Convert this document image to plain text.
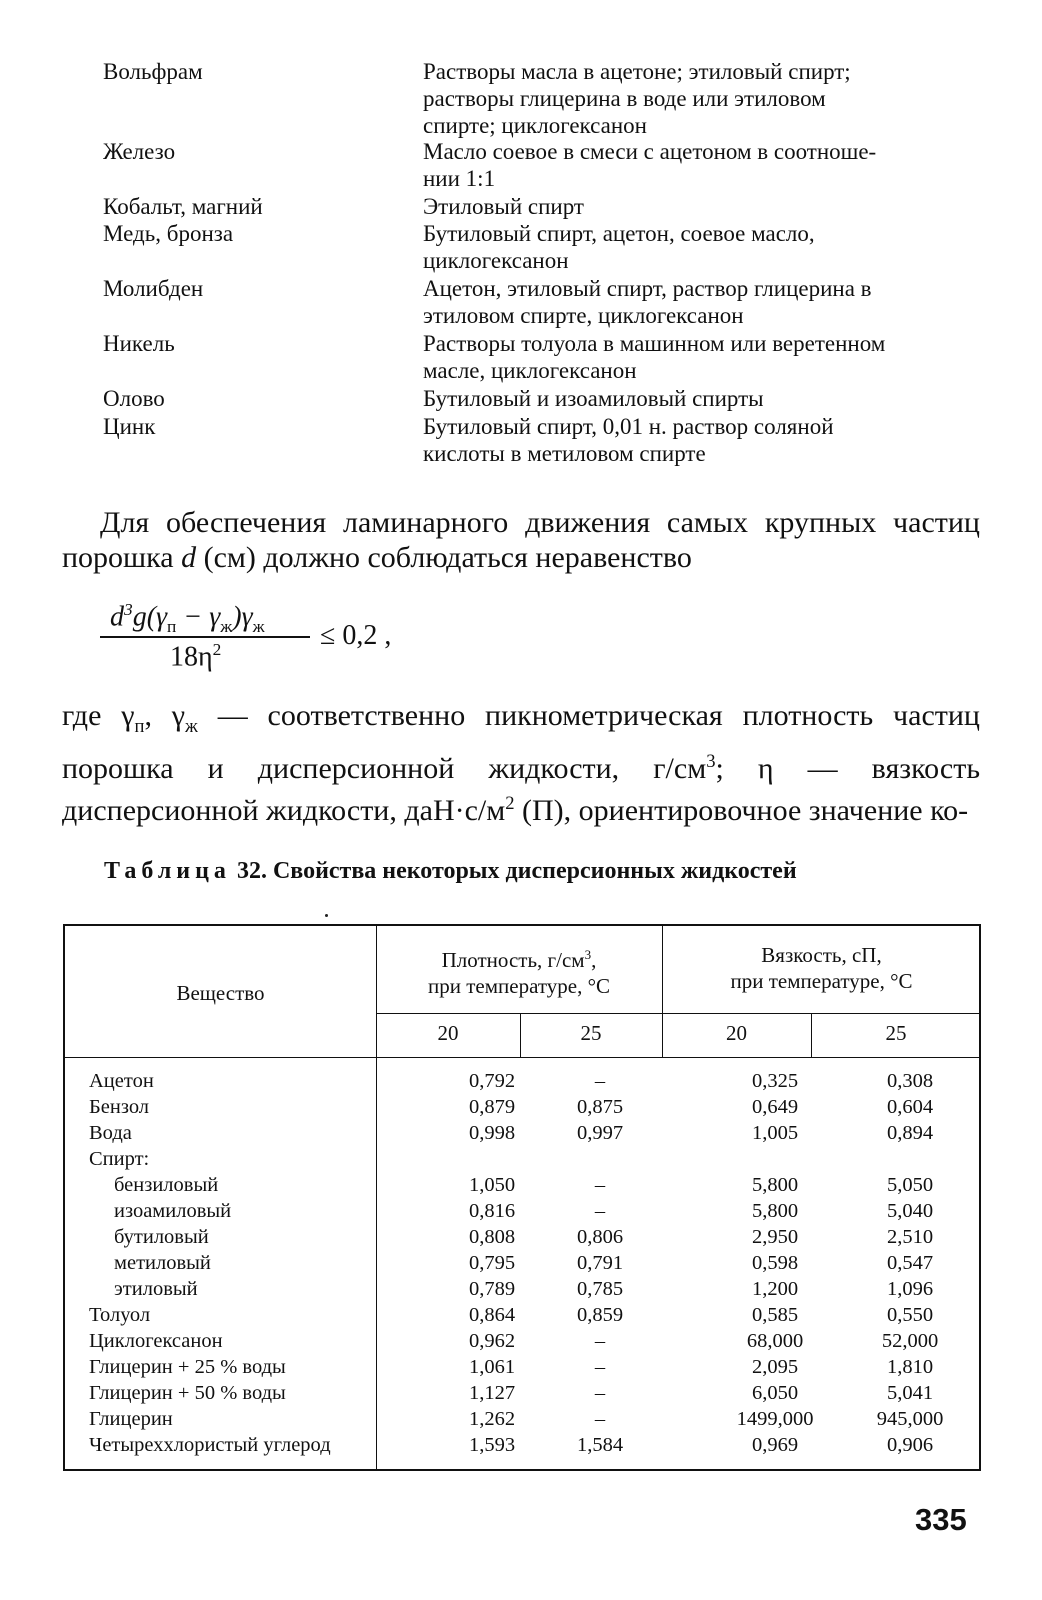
Вольфрам	Растворы масла в ацетоне; этиловый спирт;
растворы глицерина в воде или этиловом
спирте; циклогексанон
Железо	Масло соевое в смеси с ацетоном в соотноше-
нии 1:1
Кобальт, магний	Этиловый спирт
Медь, бронза	Бутиловый спирт, ацетон, соевое масло,
циклогексанон
Молибден	Ацетон, этиловый спирт, раствор глицерина в
этиловом спирте, циклогексанон
Никель	Растворы толуола в машинном или веретенном
масле, циклогексанон
Олово	Бутиловый и изоамиловый спирты
Цинк	Бутиловый спирт, 0,01 н. раствор соляной
кислоты в метиловом спирте
Для обеспечения ламинарного движения самых крупных частиц порошка d (см) должно соблюдаться неравенство
$d^3g(\gamma_п - \gamma_ж)\gamma_ж$
$18\eta^2$	≤ 0,2 ,
где $\gamma_п$, $\gamma_ж$ — соответственно пикнометрическая плотность частиц порошка и дисперсионной жидкости, $г/см^3$; η — вязкость дисперсионной жидкости, $даН\cdot с/м^2$ (П), ориентировочное значение ко-
Таблица 32. Свойства некоторых дисперсионных жидкостей
Вещество
Плотность, $г/см^3$,
при температуре, °С
Вязкость, сП,
при температуре, °С
20	25	20	25
Ацетон	0,792	–	0,325	0,308
Бензол	0,879	0,875	0,649	0,604
Вода	0,998	0,997	1,005	0,894
Спирт:
бензиловый	1,050	–	5,800	5,050
изоамиловый	0,816	–	5,800	5,040
бутиловый	0,808	0,806	2,950	2,510
метиловый	0,795	0,791	0,598	0,547
этиловый	0,789	0,785	1,200	1,096
Толуол	0,864	0,859	0,585	0,550
Циклогексанон	0,962	–	68,000	52,000
Глицерин + 25 % воды	1,061	–	2,095	1,810
Глицерин + 50 % воды	1,127	–	6,050	5,041
Глицерин	1,262	–	1499,000	945,000
Четыреххлористый углерод	1,593	1,584	0,969	0,906
335
